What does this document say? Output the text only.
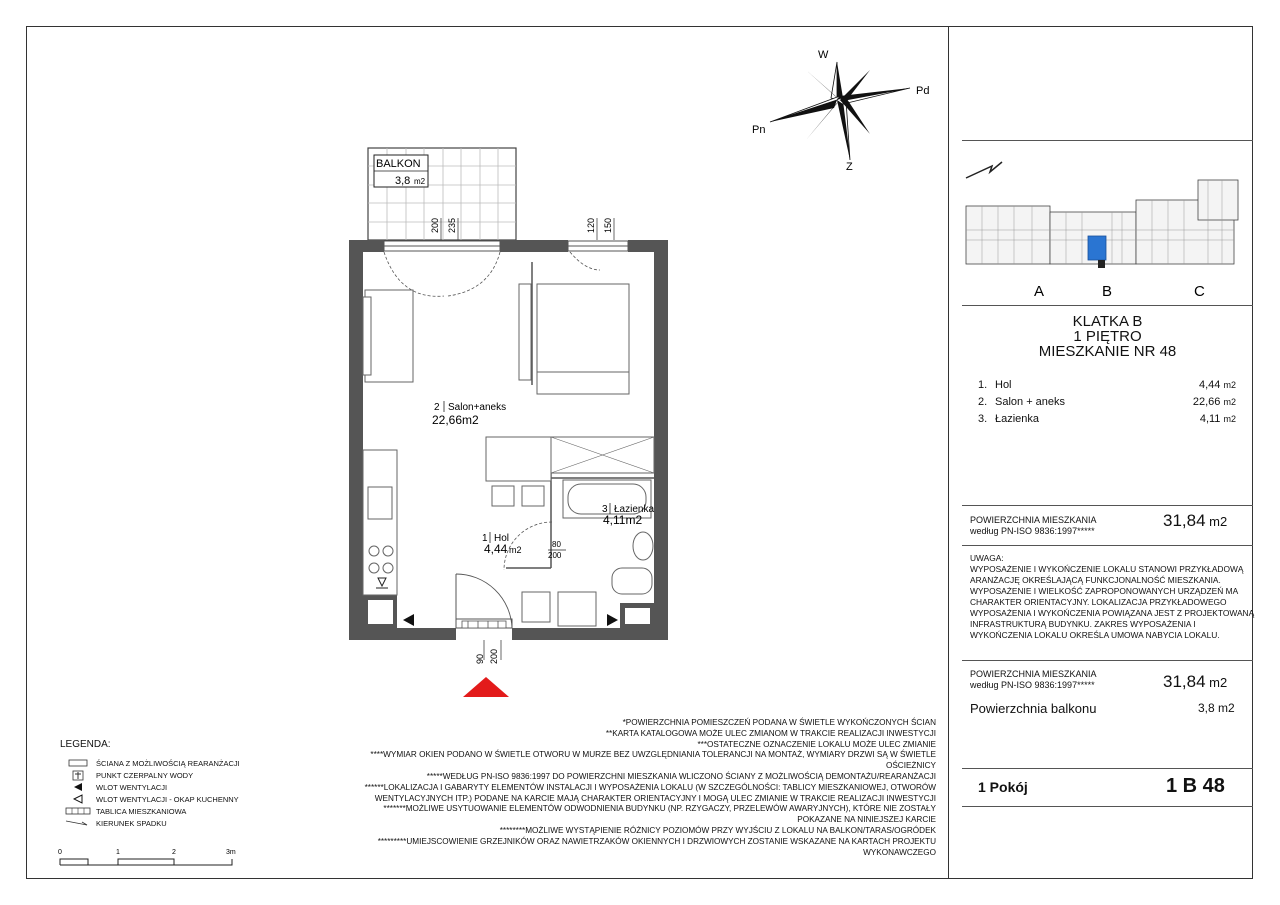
BALKON
3,8 m2
200 235	120 150
90 200
2 Salon+aneks
22,66m2
1 Hol
4,44 m2
80
200
3 Łazienka
4,11m2
W
Pd
Z
Pn
A	B	C
KLATKA B
1 PIĘTRO
MIESZKANIE NR 48
1. Hol	4,44 m2
2. Salon + aneks	22,66 m2
3. Łazienka	4,11 m2
POWIERZCHNIA MIESZKANIA
według PN-ISO 9836:1997*****
31,84 m2
UWAGA:
WYPOSAŻENIE I WYKOŃCZENIE LOKALU STANOWI PRZYKŁADOWĄ ARANŻACJĘ OKREŚLAJĄCĄ FUNKCJONALNOŚĆ MIESZKANIA. WYPOSAŻENIE I WIELKOŚĆ ZAPROPONOWANYCH URZĄDZEŃ MA CHARAKTER ORIENTACYJNY. LOKALIZACJA PRZYKŁADOWEGO WYPOSAŻENIA I WYKOŃCZENIA POWIĄZANA JEST Z PROJEKTOWANĄ INFRASTRUKTURĄ BUDYNKU. ZAKRES WYPOSAŻENIA I WYKOŃCZENIA LOKALU OKREŚLA UMOWA NABYCIA LOKALU.
POWIERZCHNIA MIESZKANIA
według PN-ISO 9836:1997*****	31,84 m2
Powierzchnia balkonu	3,8 m2
1 Pokój	1 B 48
*POWIERZCHNIA POMIESZCZEŃ PODANA W ŚWIETLE WYKOŃCZONYCH ŚCIAN
**KARTA KATALOGOWA MOŻE ULEC ZMIANOM W TRAKCIE REALIZACJI INWESTYCJI
***OSTATECZNE OZNACZENIE LOKALU MOŻE ULEC ZMIANIE
****WYMIAR OKIEN PODANO W ŚWIETLE OTWORU W MURZE BEZ UWZGLĘDNIANIA TOLERANCJI NA MONTAŻ, WYMIARY DRZWI SĄ W ŚWIETLE OŚCIEŻNICY
*****WEDŁUG PN-ISO 9836:1997 DO POWIERZCHNI MIESZKANIA WLICZONO ŚCIANY Z MOŻLIWOŚCIĄ DEMONTAŻU/REARANŻACJI
******LOKALIZACJA I GABARYTY ELEMENTÓW INSTALACJI I WYPOSAŻENIA LOKALU (W SZCZEGÓLNOŚCI: TABLICY MIESZKANIOWEJ, OTWORÓW WENTYLACYJNYCH ITP.) PODANE NA KARCIE MAJĄ CHARAKTER ORIENTACYJNY I MOGĄ ULEC ZMIANIE W TRAKCIE REALIZACJI INWESTYCJI
*******MOŻLIWE USYTUOWANIE ELEMENTÓW ODWODNIENIA BUDYNKU (NP. RZYGACZY, PRZELEWÓW AWARYJNYCH), KTÓRE NIE ZOSTAŁY POKAZANE NA NINIEJSZEJ KARCIE
********MOŻLIWE WYSTĄPIENIE RÓŻNICY POZIOMÓW PRZY WYJŚCIU Z LOKALU NA BALKON/TARAS/OGRÓDEK
*********UMIEJSCOWIENIE GRZEJNIKÓW ORAZ NAWIETRZAKÓW OKIENNYCH I DRZWIOWYCH ZOSTANIE WSKAZANE NA KARTACH PROJEKTU WYKONAWCZEGO
LEGENDA:
ŚCIANA Z MOŻLIWOŚCIĄ REARANŻACJI
PUNKT CZERPALNY WODY
WLOT WENTYLACJI
WLOT WENTYLACJI - OKAP KUCHENNY
TABLICA MIESZKANIOWA
KIERUNEK SPADKU
0	1	2	3m
